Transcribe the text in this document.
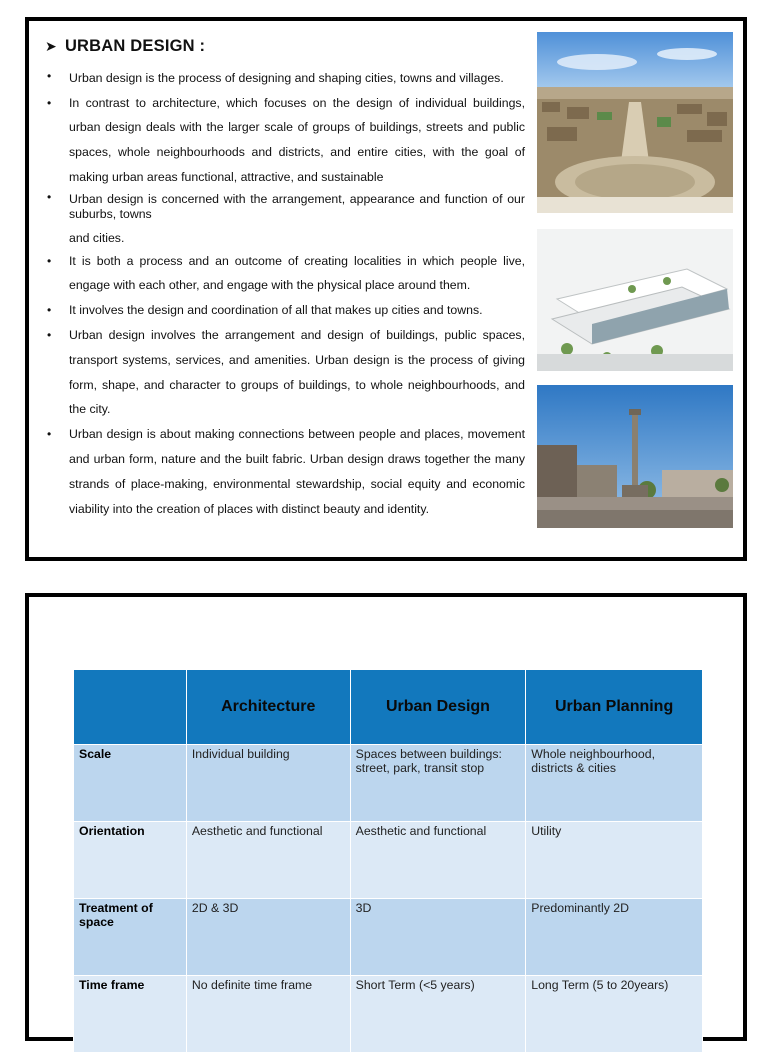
➤ URBAN DESIGN :
• Urban design is the process of designing and shaping cities, towns and villages.
• In contrast to architecture, which focuses on the design of individual buildings, urban design deals with the larger scale of groups of buildings, streets and public spaces, whole neighbourhoods and districts, and entire cities, with the goal of making urban areas functional, attractive, and sustainable
• Urban design is concerned with the arrangement, appearance and function of our suburbs, towns
and cities.
• It is both a process and an outcome of creating localities in which people live, engage with each other, and engage with the physical place around them.
• It involves the design and coordination of all that makes up cities and towns.
• Urban design involves the arrangement and design of buildings, public spaces, transport systems, services, and amenities. Urban design is the process of giving form, shape, and character to groups of buildings, to whole neighbourhoods, and the city.
• Urban design is about making connections between people and places, movement and urban form, nature and the built fabric. Urban design draws together the many strands of place-making, environmental stewardship, social equity and economic viability into the creation of places with distinct beauty and identity.
	Architecture	Urban Design	Urban Planning
Scale	Individual building	Spaces between buildings: street, park, transit stop	Whole neighbourhood, districts & cities
Orientation	Aesthetic and functional	Aesthetic and functional	Utility
Treatment of space	2D & 3D	3D	Predominantly 2D
Time frame	No definite time frame	Short Term (<5 years)	Long Term (5 to 20years)
